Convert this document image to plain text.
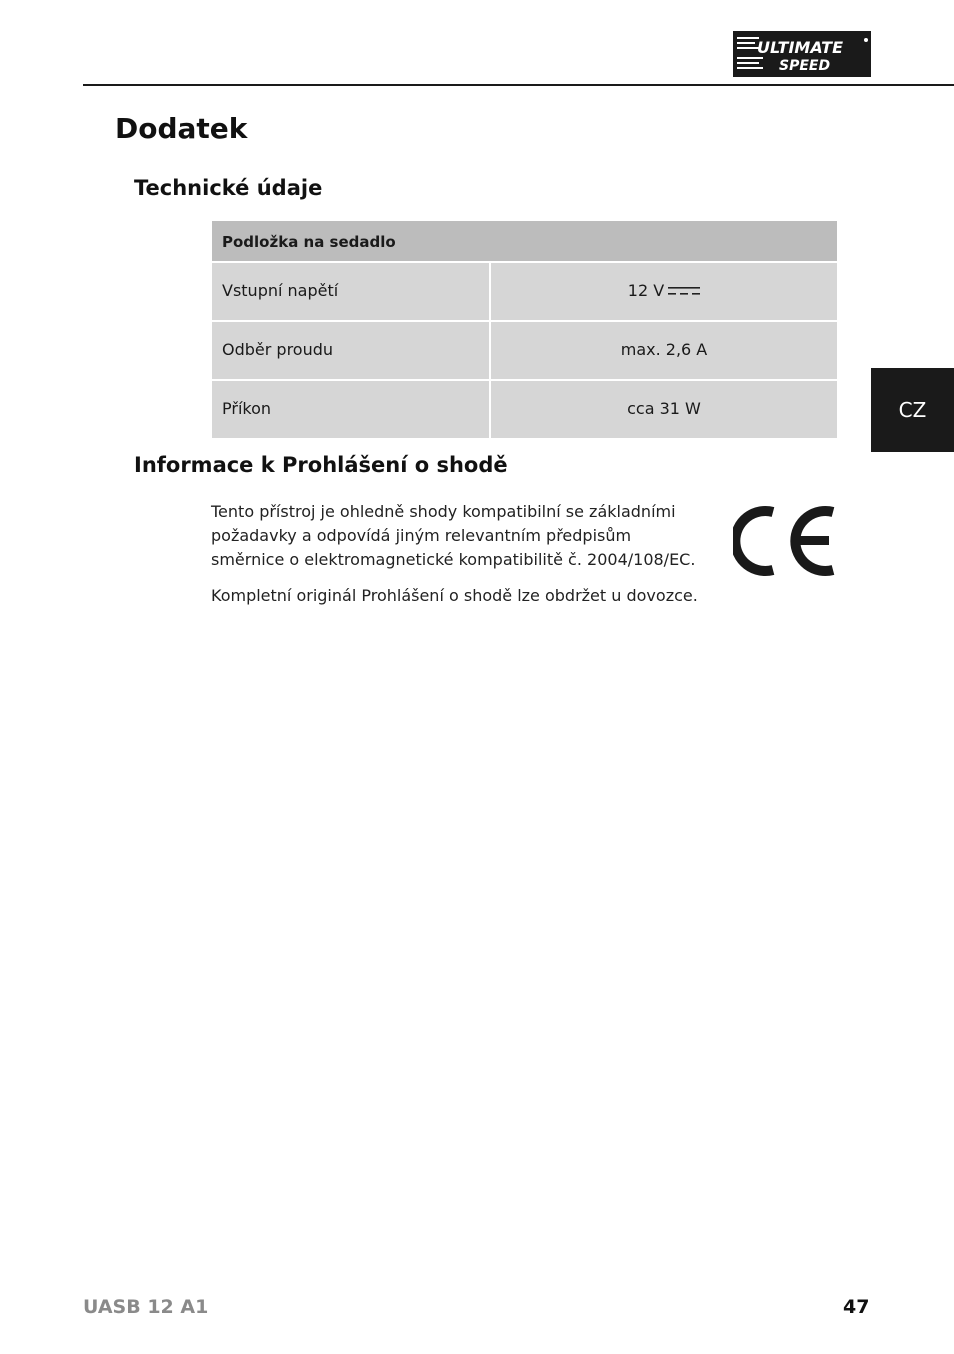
ULTIMATE
SPEED
Dodatek
Technické údaje
Podložka na sedadlo
Vstupní napětí	12 V
Odběr proudu	max. 2,6 A
Příkon	cca 31 W
Informace k Prohlášení o shodě

Tento přístroj je ohledně shody kompatibilní se základními požadavky a odpovídá jiným relevantním předpisům směrnice o elektromagnetické kompatibilitě č. 2004/108/EC.

Kompletní originál Prohlášení o shodě lze obdržet u dovozce.

CZ
UASB 12 A1	47
